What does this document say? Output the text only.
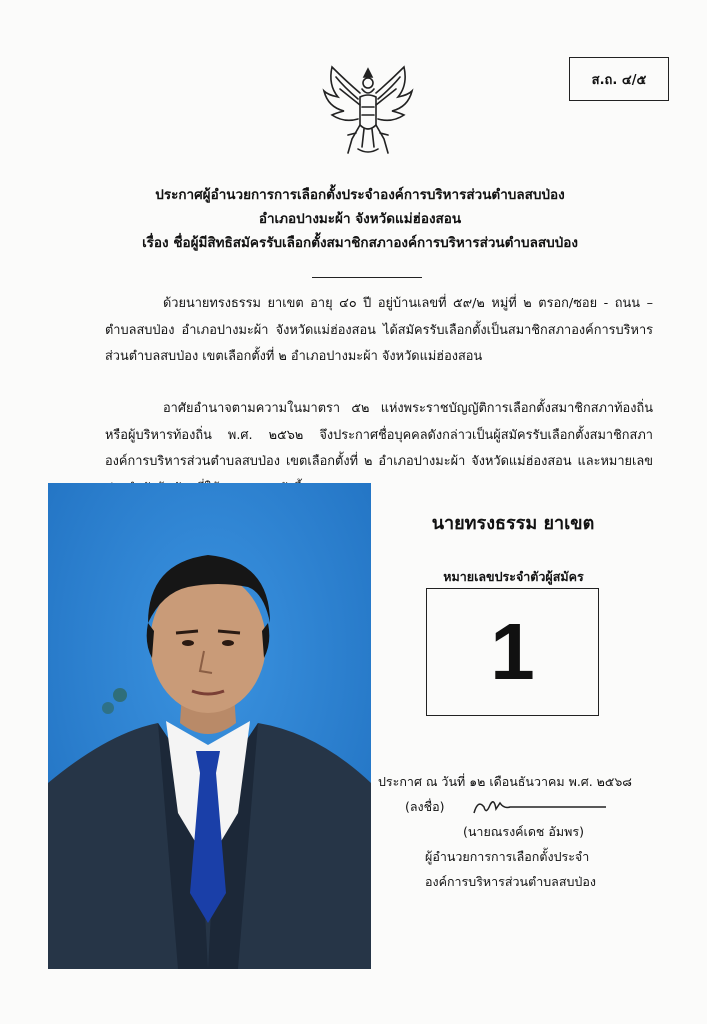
ส.ถ. ๔/๕
ประกาศผู้อำนวยการการเลือกตั้งประจำองค์การบริหารส่วนตำบลสบป่อง
อำเภอปางมะผ้า จังหวัดแม่ฮ่องสอน
เรื่อง ชื่อผู้มีสิทธิสมัครรับเลือกตั้งสมาชิกสภาองค์การบริหารส่วนตำบลสบป่อง
ด้วยนายทรงธรรม ยาเขต อายุ ๔๐ ปี อยู่บ้านเลขที่ ๕๙/๒ หมู่ที่ ๒ ตรอก/ซอย - ถนน – ตำบลสบป่อง อำเภอปางมะผ้า จังหวัดแม่ฮ่องสอน ได้สมัครรับเลือกตั้งเป็นสมาชิกสภาองค์การบริหารส่วนตำบลสบป่อง เขตเลือกตั้งที่ ๒ อำเภอปางมะผ้า จังหวัดแม่ฮ่องสอน
อาศัยอำนาจตามความในมาตรา ๕๒ แห่งพระราชบัญญัติการเลือกตั้งสมาชิกสภาท้องถิ่นหรือผู้บริหารท้องถิ่น พ.ศ. ๒๕๖๒ จึงประกาศชื่อบุคคลดังกล่าวเป็นผู้สมัครรับเลือกตั้งสมาชิกสภาองค์การบริหารส่วนตำบลสบป่อง เขตเลือกตั้งที่ ๒ อำเภอปางมะผ้า จังหวัดแม่ฮ่องสอน และหมายเลข
นายทรงธรรม ยาเขต
หมายเลขประจำตัวผู้สมัคร
1
ประกาศ ณ วันที่ ๑๒ เดือนธันวาคม พ.ศ. ๒๕๖๘
(ลงชื่อ)
(นายณรงค์เดช อัมพร)
ผู้อำนวยการการเลือกตั้งประจำ
องค์การบริหารส่วนตำบลสบป่อง
